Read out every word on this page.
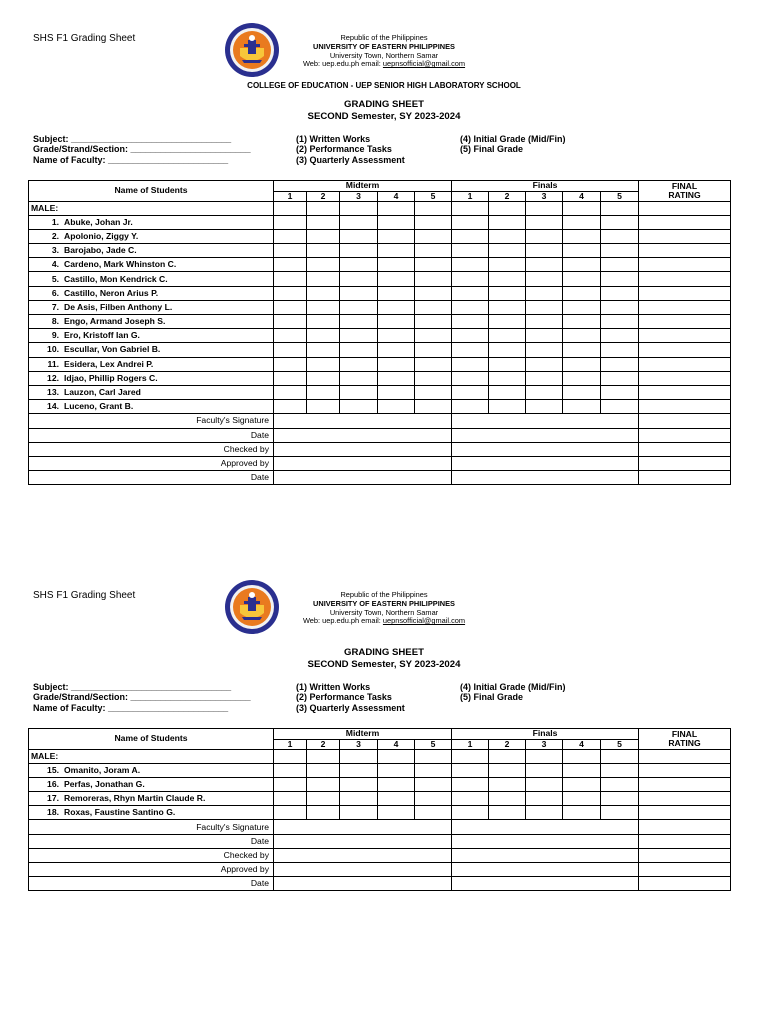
SHS F1 Grading Sheet	Republic of the Philippines
UNIVERSITY OF EASTERN PHILIPPINES
University Town, Northern Samar
Web: uep.edu.ph email: uepnsofficial@gmail.com
COLLEGE OF EDUCATION - UEP SENIOR HIGH LABORATORY SCHOOL
GRADING SHEET
SECOND Semester, SY 2023-2024
Subject: ________________________________
Grade/Strand/Section: ________________________
Name of Faculty: ________________________
(1) Written Works
(2) Performance Tasks
(3) Quarterly Assessment
(4) Initial Grade (Mid/Fin)
(5) Final Grade
Name of Students	Midterm					Finals					FINAL
RATING

	1	2	3	4	5	1	2	3	4	5	
MALE:											
1. Abuke, Johan Jr.											
2. Apolonio, Ziggy Y.											
3. Barojabo, Jade C.											
4. Cardeno, Mark Whinston C.											
5. Castillo, Mon Kendrick C.											
6. Castillo, Neron Arius P.											
7. De Asis, Filben Anthony L.											
8. Engo, Armand Joseph S.											
9. Ero, Kristoff Ian G.											
10. Escullar, Von Gabriel B.											
11. Esidera, Lex Andrei P.											
12. Idjao, Phillip Rogers C.											
13. Lauzon, Carl Jared											
14. Luceno, Grant B.											
Faculty's Signature											
Date											
Checked by											
Approved by											
Date											
SHS F1 Grading Sheet	Republic of the Philippines
UNIVERSITY OF EASTERN PHILIPPINES
University Town, Northern Samar
Web: uep.edu.ph email: uepnsofficial@gmail.com
GRADING SHEET
SECOND Semester, SY 2023-2024
Subject: ________________________________
Grade/Strand/Section: ________________________
Name of Faculty: ________________________
(1) Written Works
(2) Performance Tasks
(3) Quarterly Assessment
(4) Initial Grade (Mid/Fin)
(5) Final Grade
Name of Students	Midterm					Finals					FINAL
RATING

	1	2	3	4	5	1	2	3	4	5	
MALE:											
15. Omanito, Joram A.											
16. Perfas, Jonathan G.											
17. Remoreras, Rhyn Martin Claude R.											
18. Roxas, Faustine Santino G.											
Faculty's Signature											
Date											
Checked by											
Approved by											
Date											
